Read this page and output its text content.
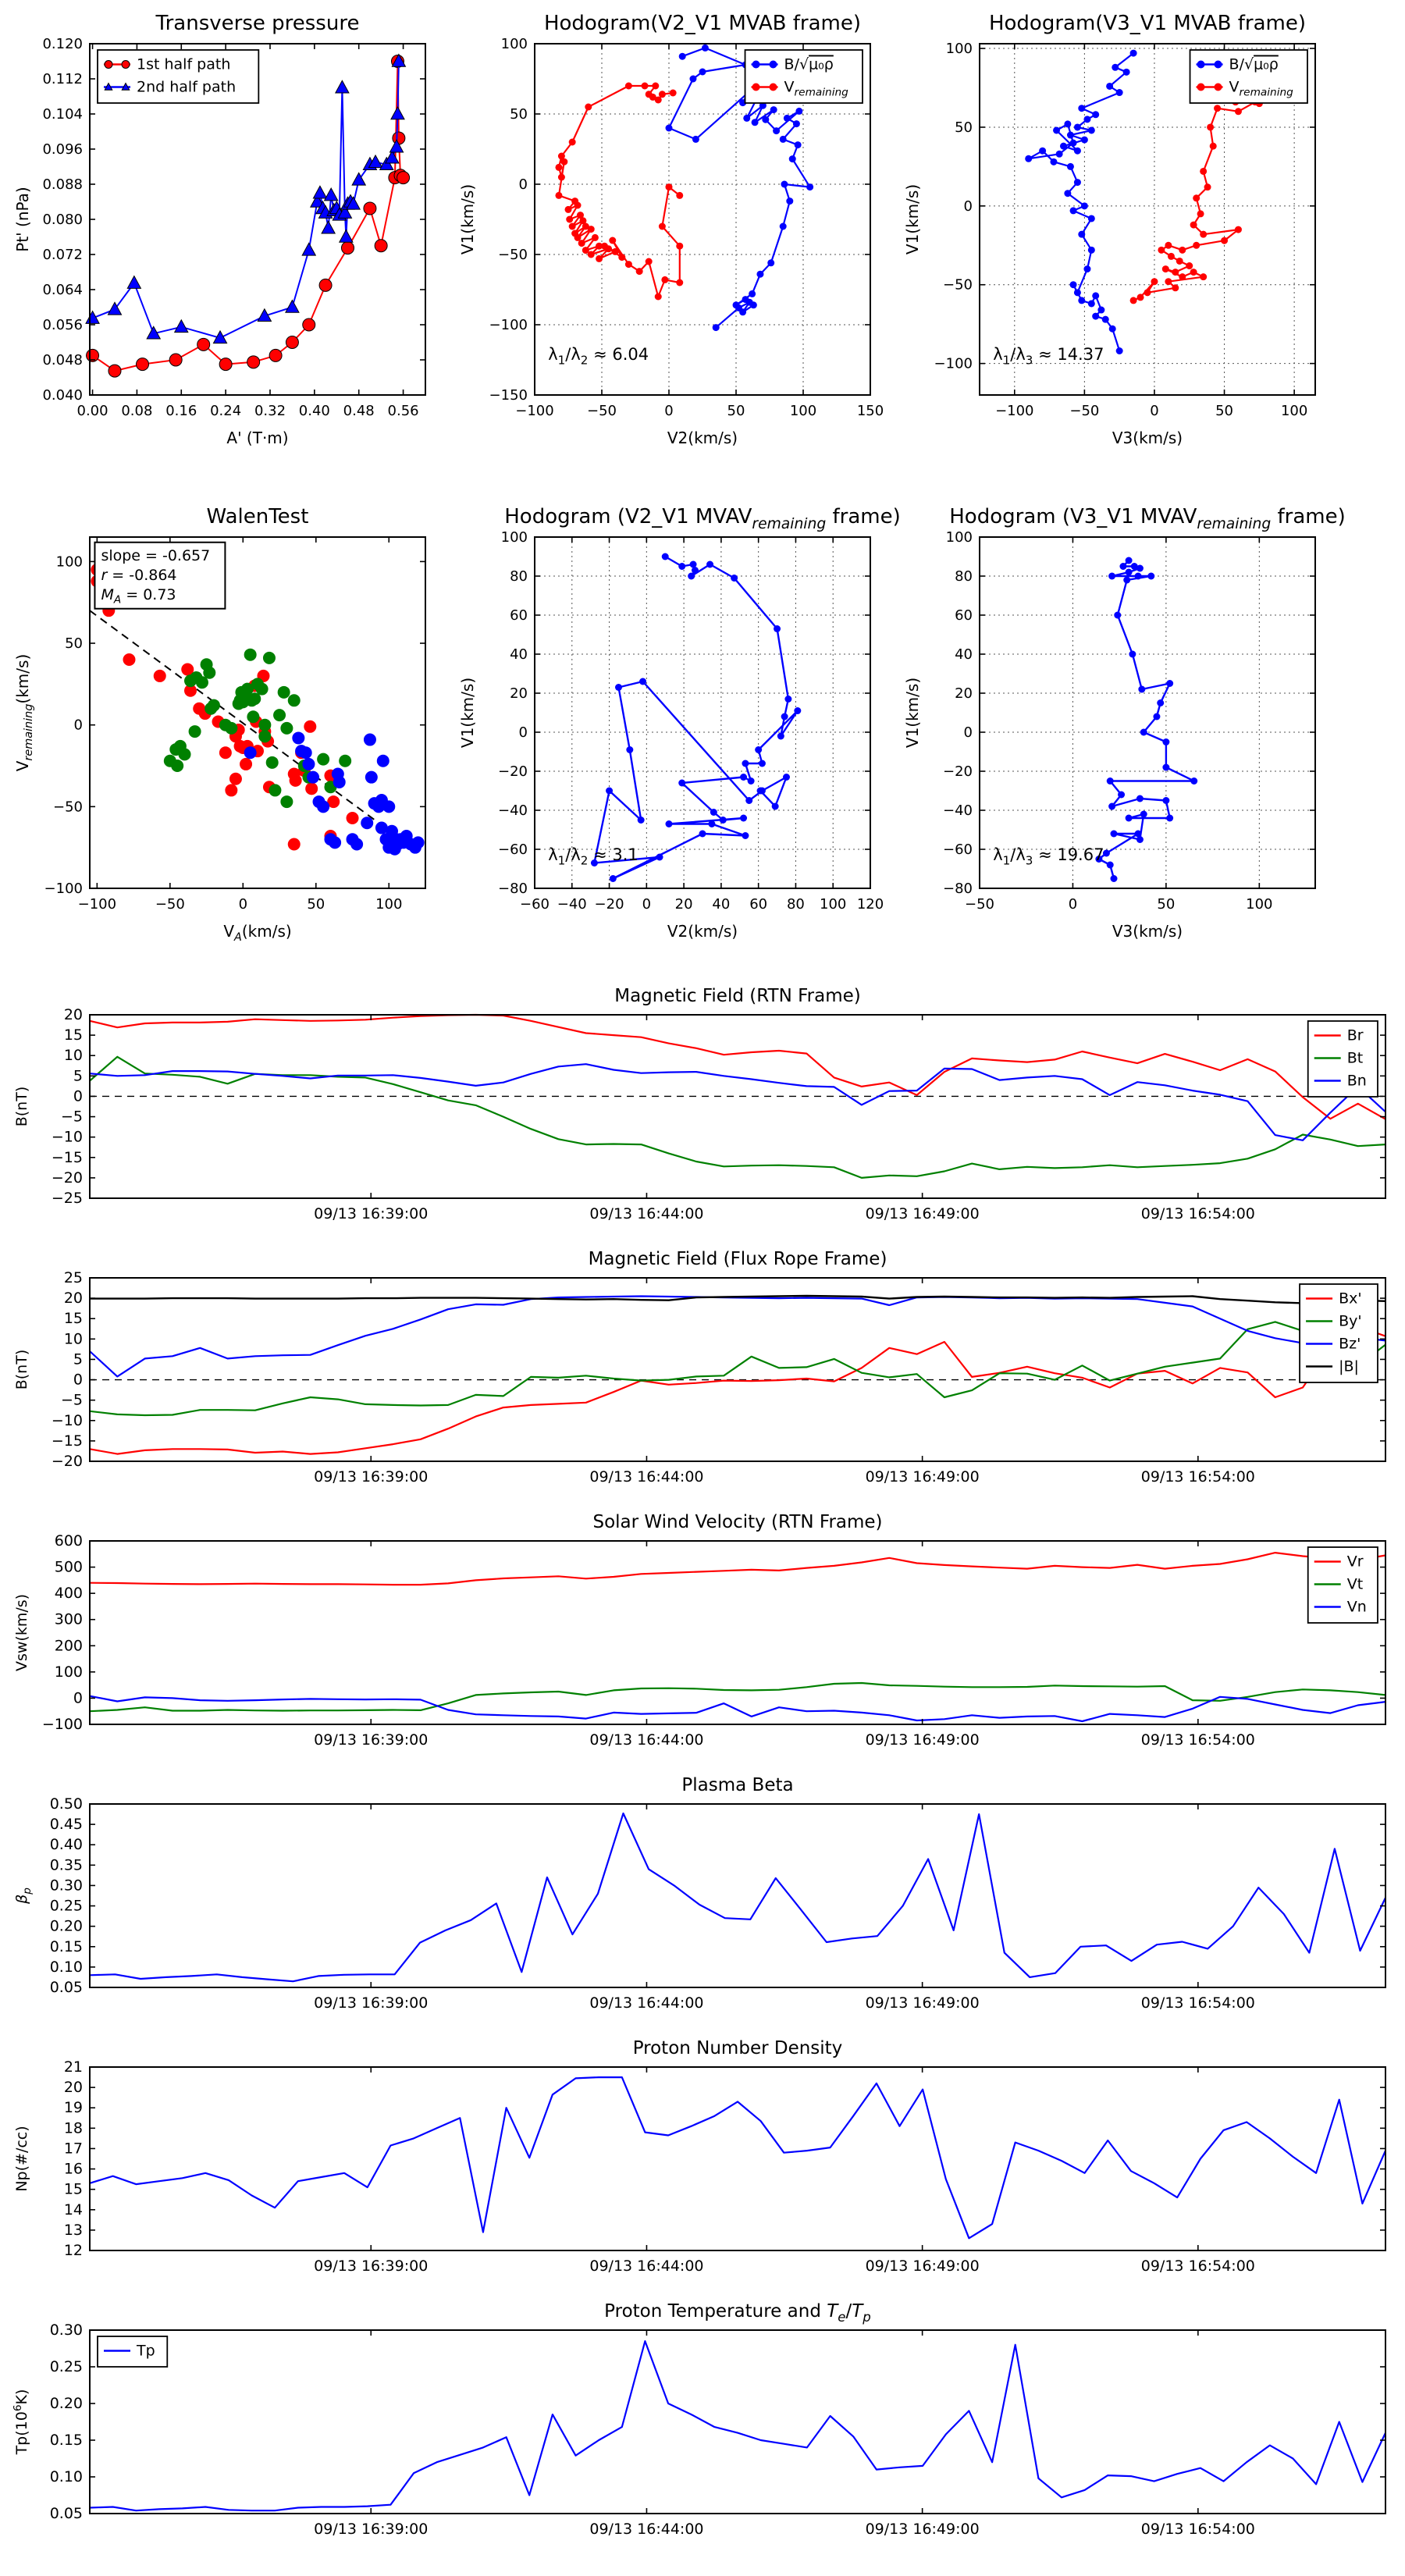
0.00 0.08 0.16 0.24 0.32 0.40 0.48 0.56
0.040
0.048
0.056
0.064
0.072
0.080
0.088
0.096
0.104
0.112
0.120
Transverse pressure
A' (T·m)
Pt' (nPa)
1st half path
2nd half path
−100 −50	0	50	100	150
−150
−100
−50
0
50
100
Hodogram(V2_V1 MVAB frame)
V2(km/s)
V1(km/s)
B/√μ₀ρ
$V_{remaining}$
$\lambda_1/\lambda_2 \approx 6.04$
−100	−50	0	50	100
−100
−50
0
50
100
Hodogram(V3_V1 MVAB frame)
V3(km/s)
V1(km/s)
B/√μ₀ρ
$V_{remaining}$
$\lambda_1/\lambda_3 \approx 14.37$
−100	−50	0	50	100
−100
−50
0
50
100
WalenTest
$V_A(km/s)$
$V_{remaining}(km/s)$
slope = -0.657
r = -0.864
$M_A = 0.73$
−60 −40 −20 0 20 40 60 80 100 120
−80
−60
−40
−20
0
20
40
60
80
100
Hodogram (V2_V1 $MVAV_{remaining}$ frame)
V2(km/s)
V1(km/s)
$\lambda_1/\lambda_2 \approx 3.1$
−50	0	50	100
−80
−60
−40
−20
0
20
40
60
80
100
Hodogram (V3_V1 $MVAV_{remaining}$ frame)
V3(km/s)
V1(km/s)
$\lambda_1/\lambda_3 \approx 19.67$
09/13 16:39:00	09/13 16:44:00	09/13 16:49:00	09/13 16:54:00
−25
−20
−15
−10
−5
0
5
10
15
20
Magnetic Field (RTN Frame)
B(nT)
Br
Bt
Bn
09/13 16:39:00	09/13 16:44:00	09/13 16:49:00	09/13 16:54:00
−20
−15
−10
−5
0
5
10
15
20
25
Magnetic Field (Flux Rope Frame)
B(nT)
Bx'
By'
Bz'
|B|
09/13 16:39:00	09/13 16:44:00	09/13 16:49:00	09/13 16:54:00
−100
0
100
200
300
400
500
600
Solar Wind Velocity (RTN Frame)
Vsw(km/s)
Vr
Vt
Vn
09/13 16:39:00	09/13 16:44:00	09/13 16:49:00	09/13 16:54:00
0.05
0.10
0.15
0.20
0.25
0.30
0.35
0.40
0.45
0.50
Plasma Beta
$\beta_p$
09/13 16:39:00	09/13 16:44:00	09/13 16:49:00	09/13 16:54:00
12
13
14
15
16
17
18
19
20
21
Proton Number Density
Np(#/cc)
09/13 16:39:00	09/13 16:44:00	09/13 16:49:00	09/13 16:54:00
0.05
0.10
0.15
0.20
0.25
0.30
Proton Temperature and $T_e/T_p$
$Tp(10^6K)$
Tp
